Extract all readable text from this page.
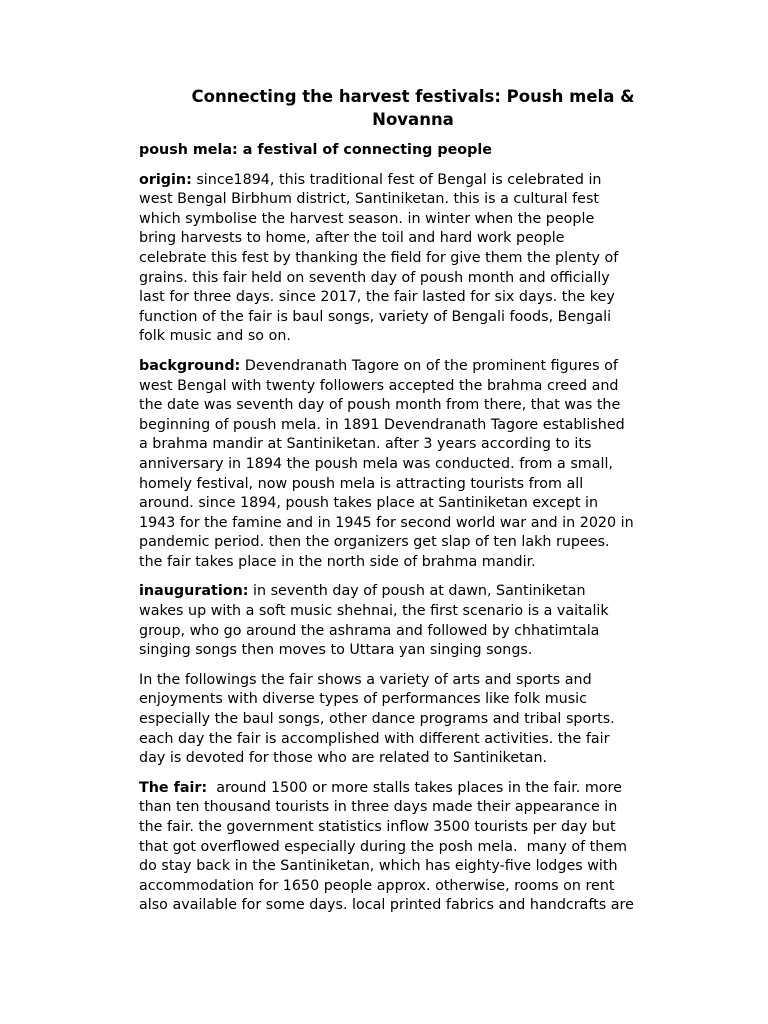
Connecting the harvest festivals: Poush mela &
Novanna
poush mela: a festival of connecting people
origin: since1894, this traditional fest of Bengal is celebrated in
west Bengal Birbhum district, Santiniketan. this is a cultural fest
which symbolise the harvest season. in winter when the people
bring harvests to home, after the toil and hard work people
celebrate this fest by thanking the field for give them the plenty of
grains. this fair held on seventh day of poush month and officially
last for three days. since 2017, the fair lasted for six days. the key
function of the fair is baul songs, variety of Bengali foods, Bengali
folk music and so on.
background: Devendranath Tagore on of the prominent figures of
west Bengal with twenty followers accepted the brahma creed and
the date was seventh day of poush month from there, that was the
beginning of poush mela. in 1891 Devendranath Tagore established
a brahma mandir at Santiniketan. after 3 years according to its
anniversary in 1894 the poush mela was conducted. from a small,
homely festival, now poush mela is attracting tourists from all
around. since 1894, poush takes place at Santiniketan except in
1943 for the famine and in 1945 for second world war and in 2020 in
pandemic period. then the organizers get slap of ten lakh rupees.
the fair takes place in the north side of brahma mandir.
inauguration: in seventh day of poush at dawn, Santiniketan
wakes up with a soft music shehnai, the first scenario is a vaitalik
group, who go around the ashrama and followed by chhatimtala
singing songs then moves to Uttara yan singing songs.
In the followings the fair shows a variety of arts and sports and
enjoyments with diverse types of performances like folk music
especially the baul songs, other dance programs and tribal sports.
each day the fair is accomplished with different activities. the fair
day is devoted for those who are related to Santiniketan.
The fair:  around 1500 or more stalls takes places in the fair. more
than ten thousand tourists in three days made their appearance in
the fair. the government statistics inflow 3500 tourists per day but
that got overflowed especially during the posh mela.  many of them
do stay back in the Santiniketan, which has eighty-five lodges with
accommodation for 1650 people approx. otherwise, rooms on rent
also available for some days. local printed fabrics and handcrafts are
